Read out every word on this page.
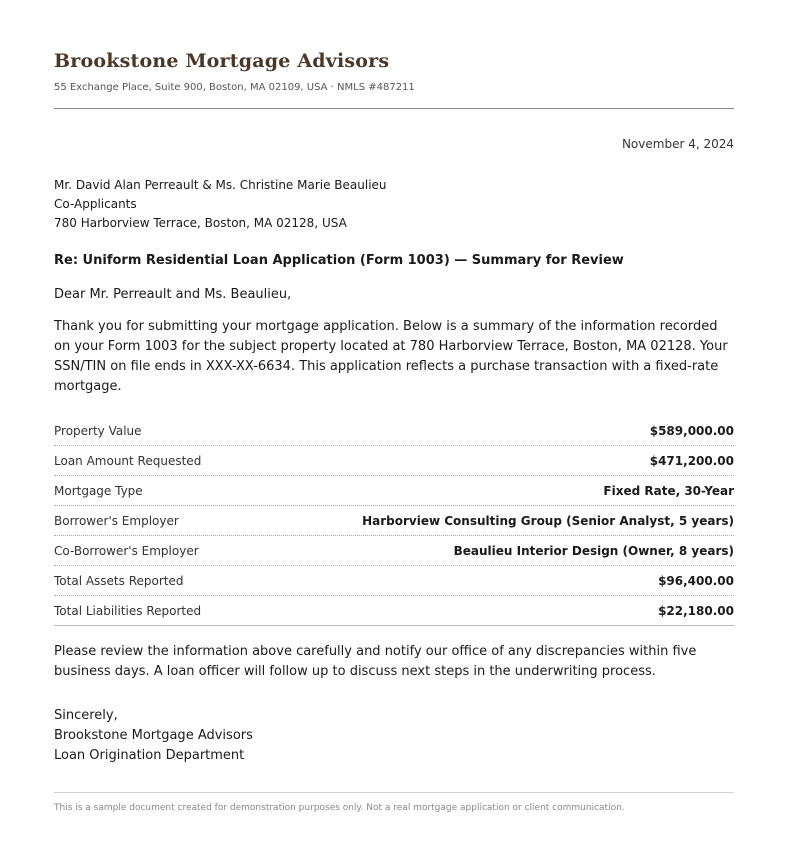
Brookstone Mortgage Advisors
55 Exchange Place, Suite 900, Boston, MA 02109, USA · NMLS #487211
November 4, 2024
Mr. David Alan Perreault & Ms. Christine Marie Beaulieu
Co-Applicants
780 Harborview Terrace, Boston, MA 02128, USA
Re: Uniform Residential Loan Application (Form 1003) — Summary for Review
Dear Mr. Perreault and Ms. Beaulieu,
Thank you for submitting your mortgage application. Below is a summary of the information recorded on your Form 1003 for the subject property located at 780 Harborview Terrace, Boston, MA 02128. Your SSN/TIN on file ends in XXX-XX-6634. This application reflects a purchase transaction with a fixed-rate mortgage.
Property Value	$589,000.00
Loan Amount Requested	$471,200.00
Mortgage Type	Fixed Rate, 30-Year
Borrower's Employer	Harborview Consulting Group (Senior Analyst, 5 years)
Co-Borrower's Employer	Beaulieu Interior Design (Owner, 8 years)
Total Assets Reported	$96,400.00
Total Liabilities Reported	$22,180.00
Please review the information above carefully and notify our office of any discrepancies within five business days. A loan officer will follow up to discuss next steps in the underwriting process.
Sincerely,
Brookstone Mortgage Advisors
Loan Origination Department
This is a sample document created for demonstration purposes only. Not a real mortgage application or client communication.
